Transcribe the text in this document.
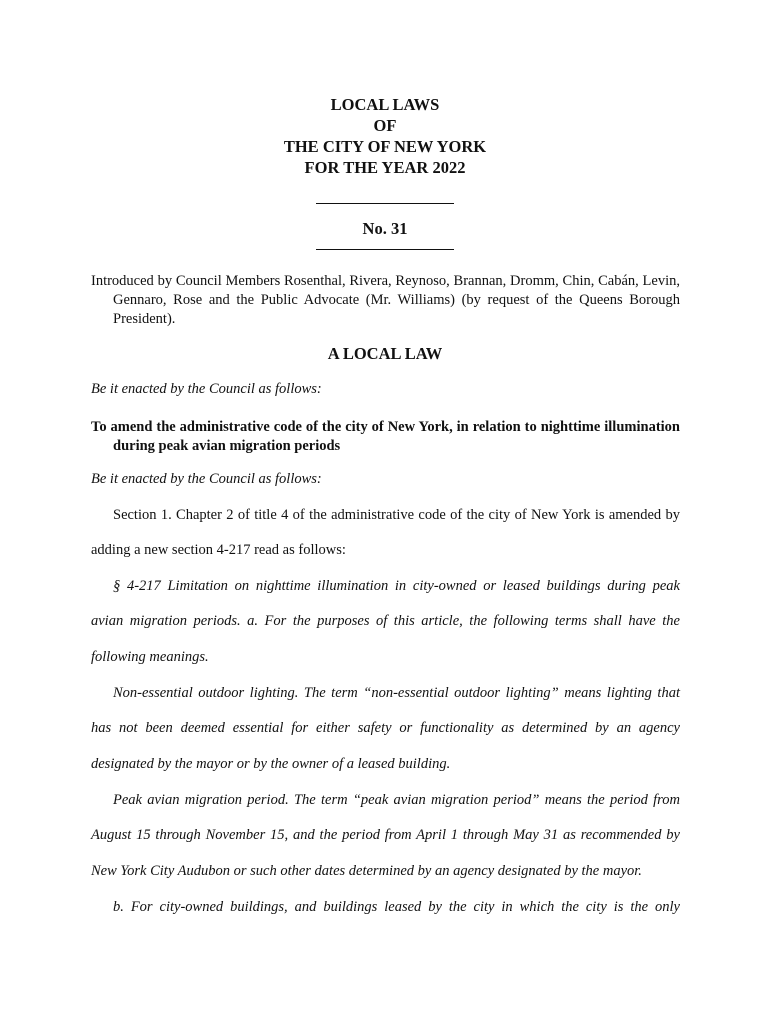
LOCAL LAWS
OF
THE CITY OF NEW YORK
FOR THE YEAR 2022
No. 31
Introduced by Council Members Rosenthal, Rivera, Reynoso, Brannan, Dromm, Chin, Cabán, Levin, Gennaro, Rose and the Public Advocate (Mr. Williams) (by request of the Queens Borough President).
A LOCAL LAW
Be it enacted by the Council as follows:
To amend the administrative code of the city of New York, in relation to nighttime illumination during peak avian migration periods
Be it enacted by the Council as follows:
Section 1. Chapter 2 of title 4 of the administrative code of the city of New York is amended by
adding a new section 4-217 read as follows:
§ 4-217 Limitation on nighttime illumination in city-owned or leased buildings during peak
avian migration periods. a. For the purposes of this article, the following terms shall have the
following meanings.
Non-essential outdoor lighting. The term “non-essential outdoor lighting” means lighting that
has not been deemed essential for either safety or functionality as determined by an agency
designated by the mayor or by the owner of a leased building.
Peak avian migration period. The term “peak avian migration period” means the period from
August 15 through November 15, and the period from April 1 through May 31 as recommended by
New York City Audubon or such other dates determined by an agency designated by the mayor.
b. For city-owned buildings, and buildings leased by the city in which the city is the only
